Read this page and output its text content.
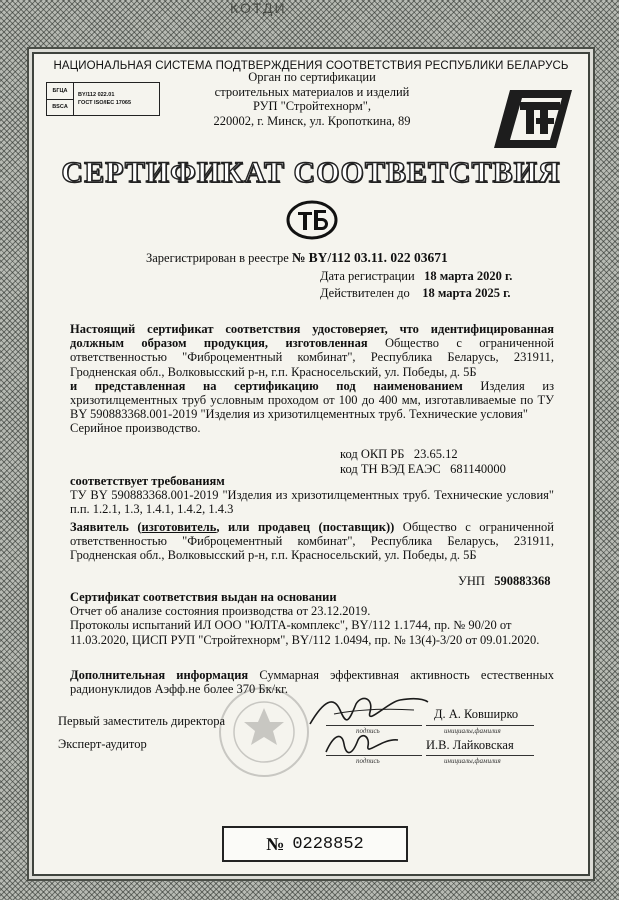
КОТДИ
НАЦИОНАЛЬНАЯ СИСТЕМА ПОДТВЕРЖДЕНИЯ СООТВЕТСТВИЯ РЕСПУБЛИКИ БЕЛАРУСЬ
БГЦА
BSCA
BY/112 022.01
ГОСТ ISO/IEC 17065
Орган по сертификации
строительных материалов и изделий
РУП "Стройтехнорм",
220002, г. Минск, ул. Кропоткина, 89
СЕРТИФИКАТ СООТВЕТСТВИЯ
Зарегистрирован в реестре № BY/112 03.11. 022 03671
Дата регистрации 18 марта 2020 г.
Действителен до 18 марта 2025 г.
Настоящий сертификат соответствия удостоверяет, что идентифицированная должным образом продукция, изготовленная Общество с ограниченной ответственностью "Фиброцементный комбинат", Республика Беларусь, 231911, Гродненская обл., Волковысский р-н, г.п. Красносельский, ул. Победы, д. 5Б
и представленная на сертификацию под наименованием Изделия из хризотилцементных труб условным проходом от 100 до 400 мм, изготавливаемые по ТУ BY 590883368.001-2019 "Изделия из хризотилцементных труб. Технические условия"
Серийное производство.
код ОКП РБ 23.65.12
код ТН ВЭД ЕАЭС 681140000
соответствует требованиям
ТУ BY 590883368.001-2019 "Изделия из хризотилцементных труб. Технические условия" п.п. 1.2.1, 1.3, 1.4.1, 1.4.2, 1.4.3
Заявитель (изготовитель, или продавец (поставщик)) Общество с ограниченной ответственностью "Фиброцементный комбинат", Республика Беларусь, 231911, Гродненская обл., Волковысский р-н, г.п. Красносельский, ул. Победы, д. 5Б
УНП 590883368
Сертификат соответствия выдан на основании
Отчет об анализе состояния производства от 23.12.2019.
Протоколы испытаний ИЛ ООО "ЮЛТА-комплекс", BY/112 1.1744, пр. № 90/20 от 11.03.2020, ЦИСП РУП "Стройтехнорм", BY/112 1.0494, пр. № 13(4)-3/20 от 09.01.2020.
Дополнительная информация Суммарная эффективная активность естественных радионуклидов Аэфф.не более 370 Бк/кг.
Первый заместитель директора
Эксперт-аудитор
подпись
Д. А. Ковширко
инициалы,фамилия
подпись
И.В. Лайковская
инициалы,фамилия
№ 0228852
